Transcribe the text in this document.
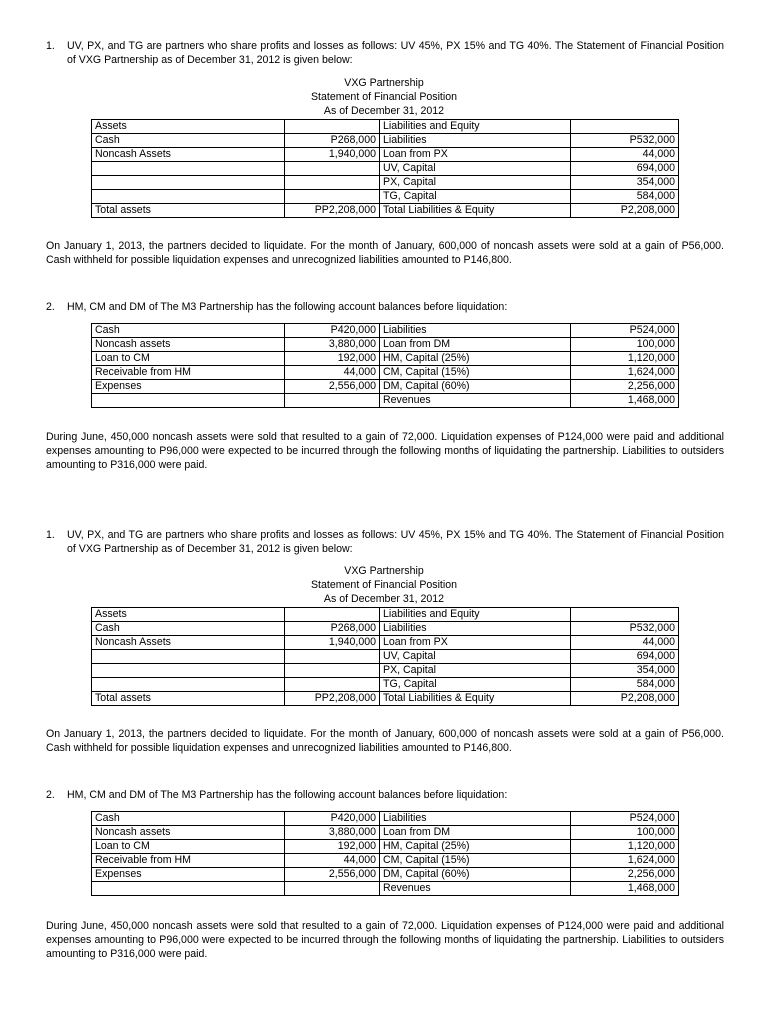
1. UV, PX, and TG are partners who share profits and losses as follows: UV 45%, PX 15% and TG 40%. The Statement of Financial Position of VXG Partnership as of December 31, 2012 is given below:
VXG Partnership
Statement of Financial Position
As of December 31, 2012
Assets		Liabilities and Equity	
Cash	P268,000	Liabilities	P532,000
Noncash Assets	1,940,000	Loan from PX	44,000
		UV, Capital	694,000
		PX, Capital	354,000
		TG, Capital	584,000
Total assets	PP2,208,000	Total Liabilities & Equity	P2,208,000
On January 1, 2013, the partners decided to liquidate. For the month of January, 600,000 of noncash assets were sold at a gain of P56,000. Cash withheld for possible liquidation expenses and unrecognized liabilities amounted to P146,800.
2. HM, CM and DM of The M3 Partnership has the following account balances before liquidation:
Cash	P420,000	Liabilities	P524,000
Noncash assets	3,880,000	Loan from DM	100,000
Loan to CM	192,000	HM, Capital (25%)	1,120,000
Receivable from HM	44,000	CM, Capital (15%)	1,624,000
Expenses	2,556,000	DM, Capital (60%)	2,256,000
		Revenues	1,468,000
During June, 450,000 noncash assets were sold that resulted to a gain of 72,000. Liquidation expenses of P124,000 were paid and additional expenses amounting to P96,000 were expected to be incurred through the following months of liquidating the partnership. Liabilities to outsiders amounting to P316,000 were paid.
1. UV, PX, and TG are partners who share profits and losses as follows: UV 45%, PX 15% and TG 40%. The Statement of Financial Position of VXG Partnership as of December 31, 2012 is given below:
VXG Partnership
Statement of Financial Position
As of December 31, 2012
Assets		Liabilities and Equity	
Cash	P268,000	Liabilities	P532,000
Noncash Assets	1,940,000	Loan from PX	44,000
		UV, Capital	694,000
		PX, Capital	354,000
		TG, Capital	584,000
Total assets	PP2,208,000	Total Liabilities & Equity	P2,208,000
On January 1, 2013, the partners decided to liquidate. For the month of January, 600,000 of noncash assets were sold at a gain of P56,000. Cash withheld for possible liquidation expenses and unrecognized liabilities amounted to P146,800.
2. HM, CM and DM of The M3 Partnership has the following account balances before liquidation:
Cash	P420,000	Liabilities	P524,000
Noncash assets	3,880,000	Loan from DM	100,000
Loan to CM	192,000	HM, Capital (25%)	1,120,000
Receivable from HM	44,000	CM, Capital (15%)	1,624,000
Expenses	2,556,000	DM, Capital (60%)	2,256,000
		Revenues	1,468,000
During June, 450,000 noncash assets were sold that resulted to a gain of 72,000. Liquidation expenses of P124,000 were paid and additional expenses amounting to P96,000 were expected to be incurred through the following months of liquidating the partnership. Liabilities to outsiders amounting to P316,000 were paid.
